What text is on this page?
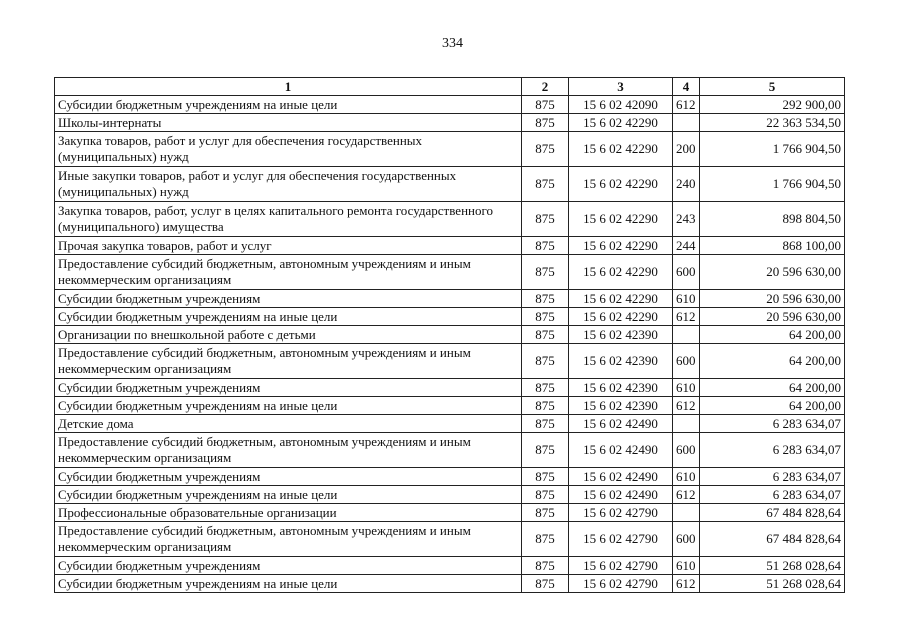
334
1	2	3	4	5
Субсидии бюджетным учреждениям на иные цели	875	15 6 02 42090	612	292 900,00
Школы-интернаты	875	15 6 02 42290		22 363 534,50
Закупка товаров, работ и услуг для обеспечения государственных (муниципальных) нужд	875	15 6 02 42290	200	1 766 904,50
Иные закупки товаров, работ и услуг для обеспечения государственных (муниципальных) нужд	875	15 6 02 42290	240	1 766 904,50
Закупка товаров, работ, услуг в целях капитального ремонта государственного (муниципального) имущества	875	15 6 02 42290	243	898 804,50
Прочая закупка товаров, работ и услуг	875	15 6 02 42290	244	868 100,00
Предоставление субсидий бюджетным, автономным учреждениям и иным некоммерческим организациям	875	15 6 02 42290	600	20 596 630,00
Субсидии бюджетным учреждениям	875	15 6 02 42290	610	20 596 630,00
Субсидии бюджетным учреждениям на иные цели	875	15 6 02 42290	612	20 596 630,00
Организации по внешкольной работе с детьми	875	15 6 02 42390		64 200,00
Предоставление субсидий бюджетным, автономным учреждениям и иным некоммерческим организациям	875	15 6 02 42390	600	64 200,00
Субсидии бюджетным учреждениям	875	15 6 02 42390	610	64 200,00
Субсидии бюджетным учреждениям на иные цели	875	15 6 02 42390	612	64 200,00
Детские дома	875	15 6 02 42490		6 283 634,07
Предоставление субсидий бюджетным, автономным учреждениям и иным некоммерческим организациям	875	15 6 02 42490	600	6 283 634,07
Субсидии бюджетным учреждениям	875	15 6 02 42490	610	6 283 634,07
Субсидии бюджетным учреждениям на иные цели	875	15 6 02 42490	612	6 283 634,07
Профессиональные образовательные организации	875	15 6 02 42790		67 484 828,64
Предоставление субсидий бюджетным, автономным учреждениям и иным некоммерческим организациям	875	15 6 02 42790	600	67 484 828,64
Субсидии бюджетным учреждениям	875	15 6 02 42790	610	51 268 028,64
Субсидии бюджетным учреждениям на иные цели	875	15 6 02 42790	612	51 268 028,64
